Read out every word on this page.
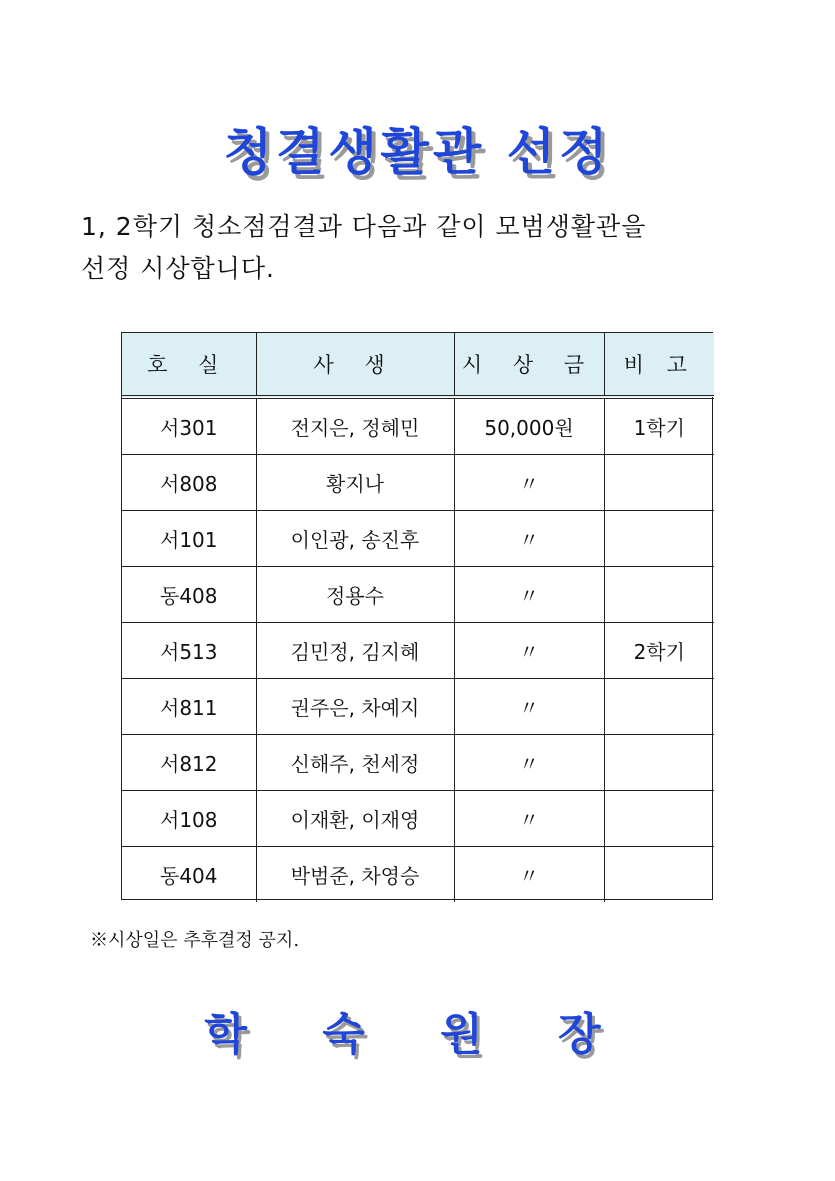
청결생활관 선정
1, 2학기 청소점검결과 다음과 같이 모범생활관을
선정 시상합니다.
호 실	사 생	시 상 금	비 고
서301	전지은, 정혜민	50,000원	1학기
서808	황지나	〃	
서101	이인광, 송진후	〃	
동408	정용수	〃	
서513	김민정, 김지혜	〃	2학기
서811	권주은, 차예지	〃	
서812	신해주, 천세정	〃	
서108	이재환, 이재영	〃	
동404	박범준, 차영승	〃	
※시상일은 추후결정 공지.
학 숙 원 장
